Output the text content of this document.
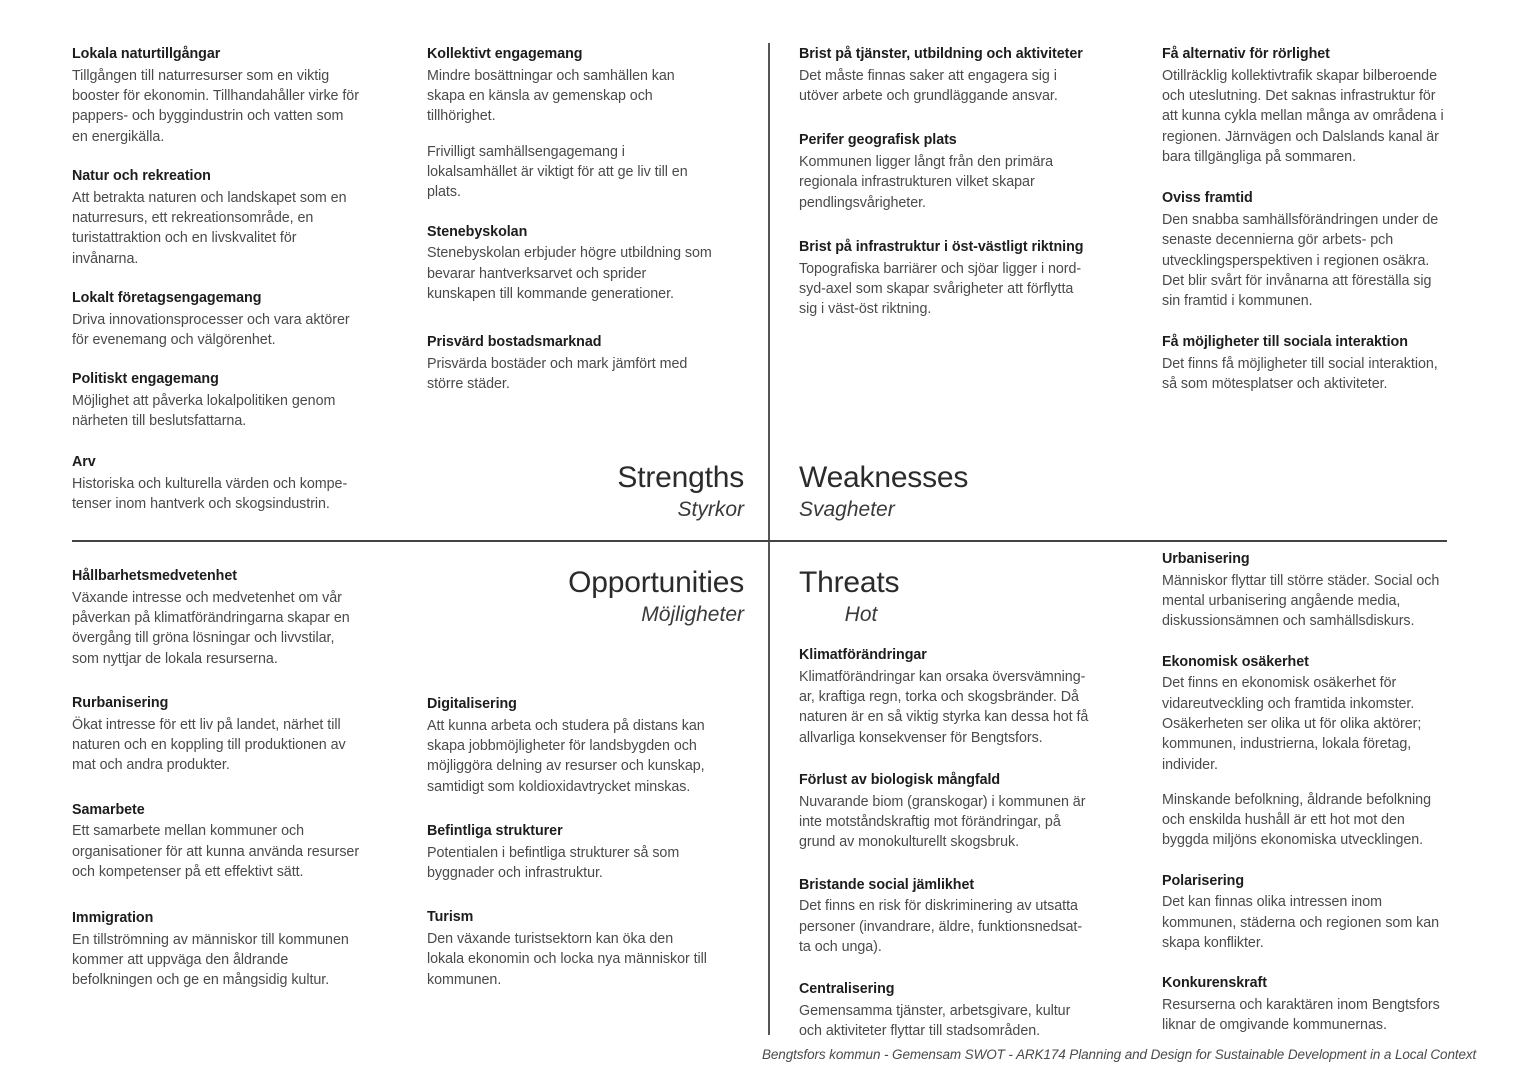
Lokala naturtillgångar

Tillgången till naturresurser som en viktig booster för ekonomin. Tillhandahåller virke för pappers- och byggindustrin och vatten som en energikälla.

Natur och rekreation

Att betrakta naturen och landskapet som en naturresurs, ett rekreationsområde, en turistattraktion och en livskvalitet för invånarna.

Lokalt företagsengagemang

Driva innovationsprocesser och vara aktörer för evenemang och välgörenhet.

Politiskt engagemang

Möjlighet att påverka lokalpolitiken genom närheten till beslutsfattarna.

Arv

Historiska och kulturella värden och kompe-tenser inom hantverk och skogsindustrin.

Kollektivt engagemang

Mindre bosättningar och samhällen kan skapa en känsla av gemenskap och tillhörighet.

Frivilligt samhällsengagemang i lokalsamhället är viktigt för att ge liv till en plats.

Stenebyskolan

Stenebyskolan erbjuder högre utbildning som bevarar hantverksarvet och sprider kunskapen till kommande generationer.

Prisvärd bostadsmarknad

Prisvärda bostäder och mark jämfört med större städer.

Brist på tjänster, utbildning och aktiviteter

Det måste finnas saker att engagera sig i utöver arbete och grundläggande ansvar.

Perifer geografisk plats

Kommunen ligger långt från den primära regionala infrastrukturen vilket skapar pendlingsvårigheter.

Brist på infrastruktur i öst-västligt riktning

Topografiska barriärer och sjöar ligger i nord-syd-axel som skapar svårigheter att förflytta sig i väst-öst riktning.

Få alternativ för rörlighet

Otillräcklig kollektivtrafik skapar bilberoende och uteslutning. Det saknas infrastruktur för att kunna cykla mellan många av områdena i regionen. Järnvägen och Dalslands kanal är bara tillgängliga på sommaren.

Oviss framtid

Den snabba samhällsförändringen under de senaste decennierna gör arbets- pch utvecklingsperspektiven i regionen osäkra. Det blir svårt för invånarna att föreställa sig sin framtid i kommunen.

Få möjligheter till sociala interaktion

Det finns få möjligheter till social interaktion, så som mötesplatser och aktiviteter.

Strengths
Styrkor
Weaknesses
Svagheter
Opportunities
Möjligheter
Threats
Hot
Hållbarhetsmedvetenhet

Växande intresse och medvetenhet om vår påverkan på klimatförändringarna skapar en övergång till gröna lösningar och livvstilar, som nyttjar de lokala resurserna.

Rurbanisering

Ökat intresse för ett liv på landet, närhet till naturen och en koppling till produktionen av mat och andra produkter.

Samarbete

Ett samarbete mellan kommuner och organisationer för att kunna använda resurser och kompetenser på ett effektivt sätt.

Immigration

En tillströmning av människor till kommunen kommer att uppväga den åldrande befolkningen och ge en mångsidig kultur.

Digitalisering

Att kunna arbeta och studera på distans kan skapa jobbmöjligheter för landsbygden och möjliggöra delning av resurser och kunskap, samtidigt som koldioxidavtrycket minskas.

Befintliga strukturer

Potentialen i befintliga strukturer så som byggnader och infrastruktur.

Turism

Den växande turistsektorn kan öka den lokala ekonomin och locka nya människor till kommunen.

Klimatförändringar

Klimatförändringar kan orsaka översvämning-ar, kraftiga regn, torka och skogsbränder. Då naturen är en så viktig styrka kan dessa hot få allvarliga konsekvenser för Bengtsfors.

Förlust av biologisk mångfald

Nuvarande biom (granskogar) i kommunen är inte motståndskraftig mot förändringar, på grund av monokulturellt skogsbruk.

Bristande social jämlikhet

Det finns en risk för diskriminering av utsatta personer (invandrare, äldre, funktionsnedsat-ta och unga).

Centralisering

Gemensamma tjänster, arbetsgivare, kultur och aktiviteter flyttar till stadsområden.

Urbanisering

Människor flyttar till större städer. Social och mental urbanisering angående media, diskussionsämnen och samhällsdiskurs.

Ekonomisk osäkerhet

Det finns en ekonomisk osäkerhet för vidareutveckling och framtida inkomster. Osäkerheten ser olika ut för olika aktörer; kommunen, industrierna, lokala företag, individer.

Minskande befolkning, åldrande befolkning och enskilda hushåll är ett hot mot den byggda miljöns ekonomiska utvecklingen.

Polarisering

Det kan finnas olika intressen inom kommunen, städerna och regionen som kan skapa konflikter.

Konkurenskraft

Resurserna och karaktären inom Bengtsfors liknar de omgivande kommunernas.

Bengtsfors kommun - Gemensam SWOT - ARK174 Planning and Design for Sustainable Development in a Local Context
